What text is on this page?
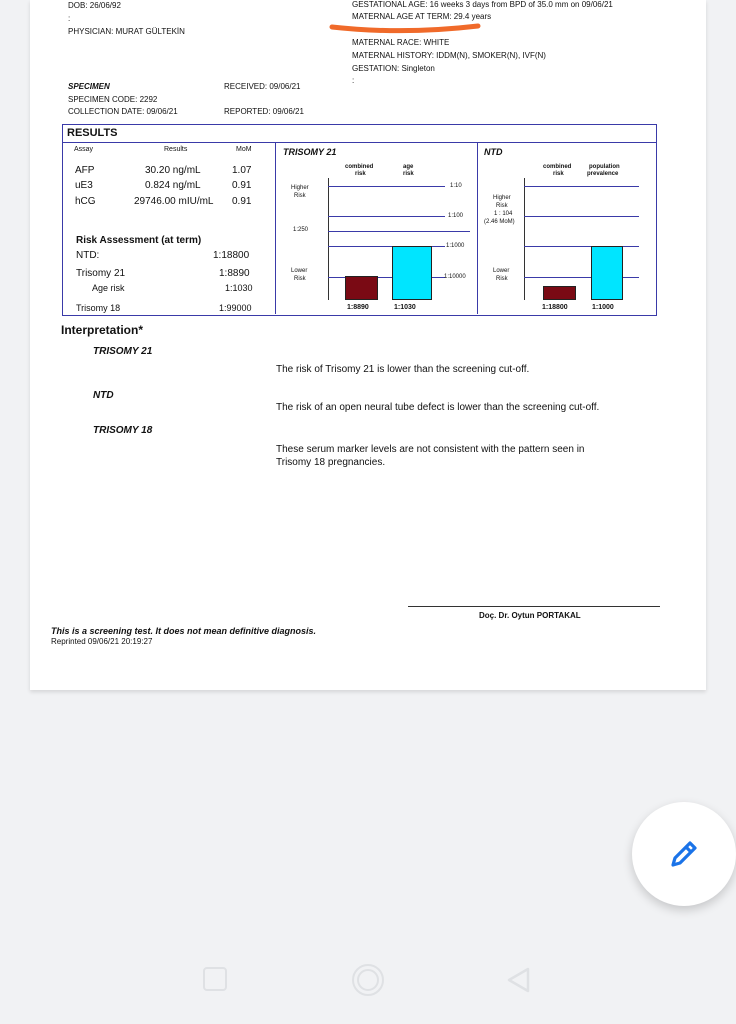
DOB: 26/06/92
:
PHYSICIAN: MURAT GÜLTEKİN
GESTATIONAL AGE: 16 weeks 3 days from BPD of 35.0 mm on 09/06/21
MATERNAL AGE AT TERM: 29.4 years
MATERNAL RACE: WHITE
MATERNAL HISTORY: IDDM(N), SMOKER(N), IVF(N)
GESTATION: Singleton
:
SPECIMEN
SPECIMEN CODE: 2292
COLLECTION DATE: 09/06/21
RECEIVED: 09/06/21
REPORTED: 09/06/21
RESULTS
Assay	Results	MoM
AFP	30.20 ng/mL	1.07
uE3	0.824 ng/mL	0.91
hCG	29746.00 mIU/mL 0.91
Risk Assessment (at term)
NTD:	1:18800
Trisomy 21	1:8890
Age risk	1:1030
Trisomy 18	1:99000
TRISOMY 21
combined
risk
age
risk
Higher
Risk
1:250
Lower
Risk
1:10
1:100
1:1000
1:10000
1:8890	1:1030
NTD
combined
risk
population
prevalence
Higher
Risk
1 : 104
(2.46 MoM)
Lower
Risk
1:18800	1:1000
Interpretation*
TRISOMY 21
The risk of Trisomy 21 is lower than the screening cut-off.
NTD
The risk of an open neural tube defect is lower than the screening cut-off.
TRISOMY 18
These serum marker levels are not consistent with the pattern seen in
Trisomy 18 pregnancies.
Doç. Dr. Oytun PORTAKAL
This is a screening test. It does not mean definitive diagnosis.
Reprinted 09/06/21 20:19:27
